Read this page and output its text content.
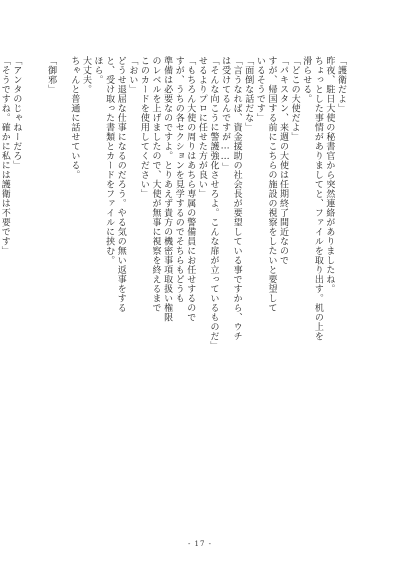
「護衛だよ」
昨夜、駐日大使の秘書官から突然連絡がありましたね。
ちょっとした事情がありましてと、ファイルを取り出す。机の上を
滑らせる。
「どこの大使だよ」
「パキスタン、来週の大使は任期終了間近なので
すが、帰国する前にこちらの施設の視察をしたいと要望して
いるそうです」
「面倒な話だな」
「言うなれば、資金援助の社会長が要望している事ですから、ウチ
は受けてるんですが……」
「そんな向こうに警護強化させろよ。こんな扉が立っているものだ」
せるよりプロに任せた方が良い」
「もちろん大使の周りはあちら専属の警備員にお任せするので
すが、うちの各セクションを見学するのでそちらもどうも
準備は必要なのですよ。とりあえず貴方の機密事項取扱い権限
のレベルを上げましたので、大使が無事に視察を終えるまで
このカードを使用してください」
「おい」
どうせ退屈な仕事になるのだろう。やる気の無い返事をする
と、受け取った書類とカードをファイルに挟む。
ほら。
大丈夫。
ちゃんと普通に話せている。
「御邪」
「アンタのじゃねーだろ」
「そうですね。確かに私には護衛は不要です」
- 17 -
